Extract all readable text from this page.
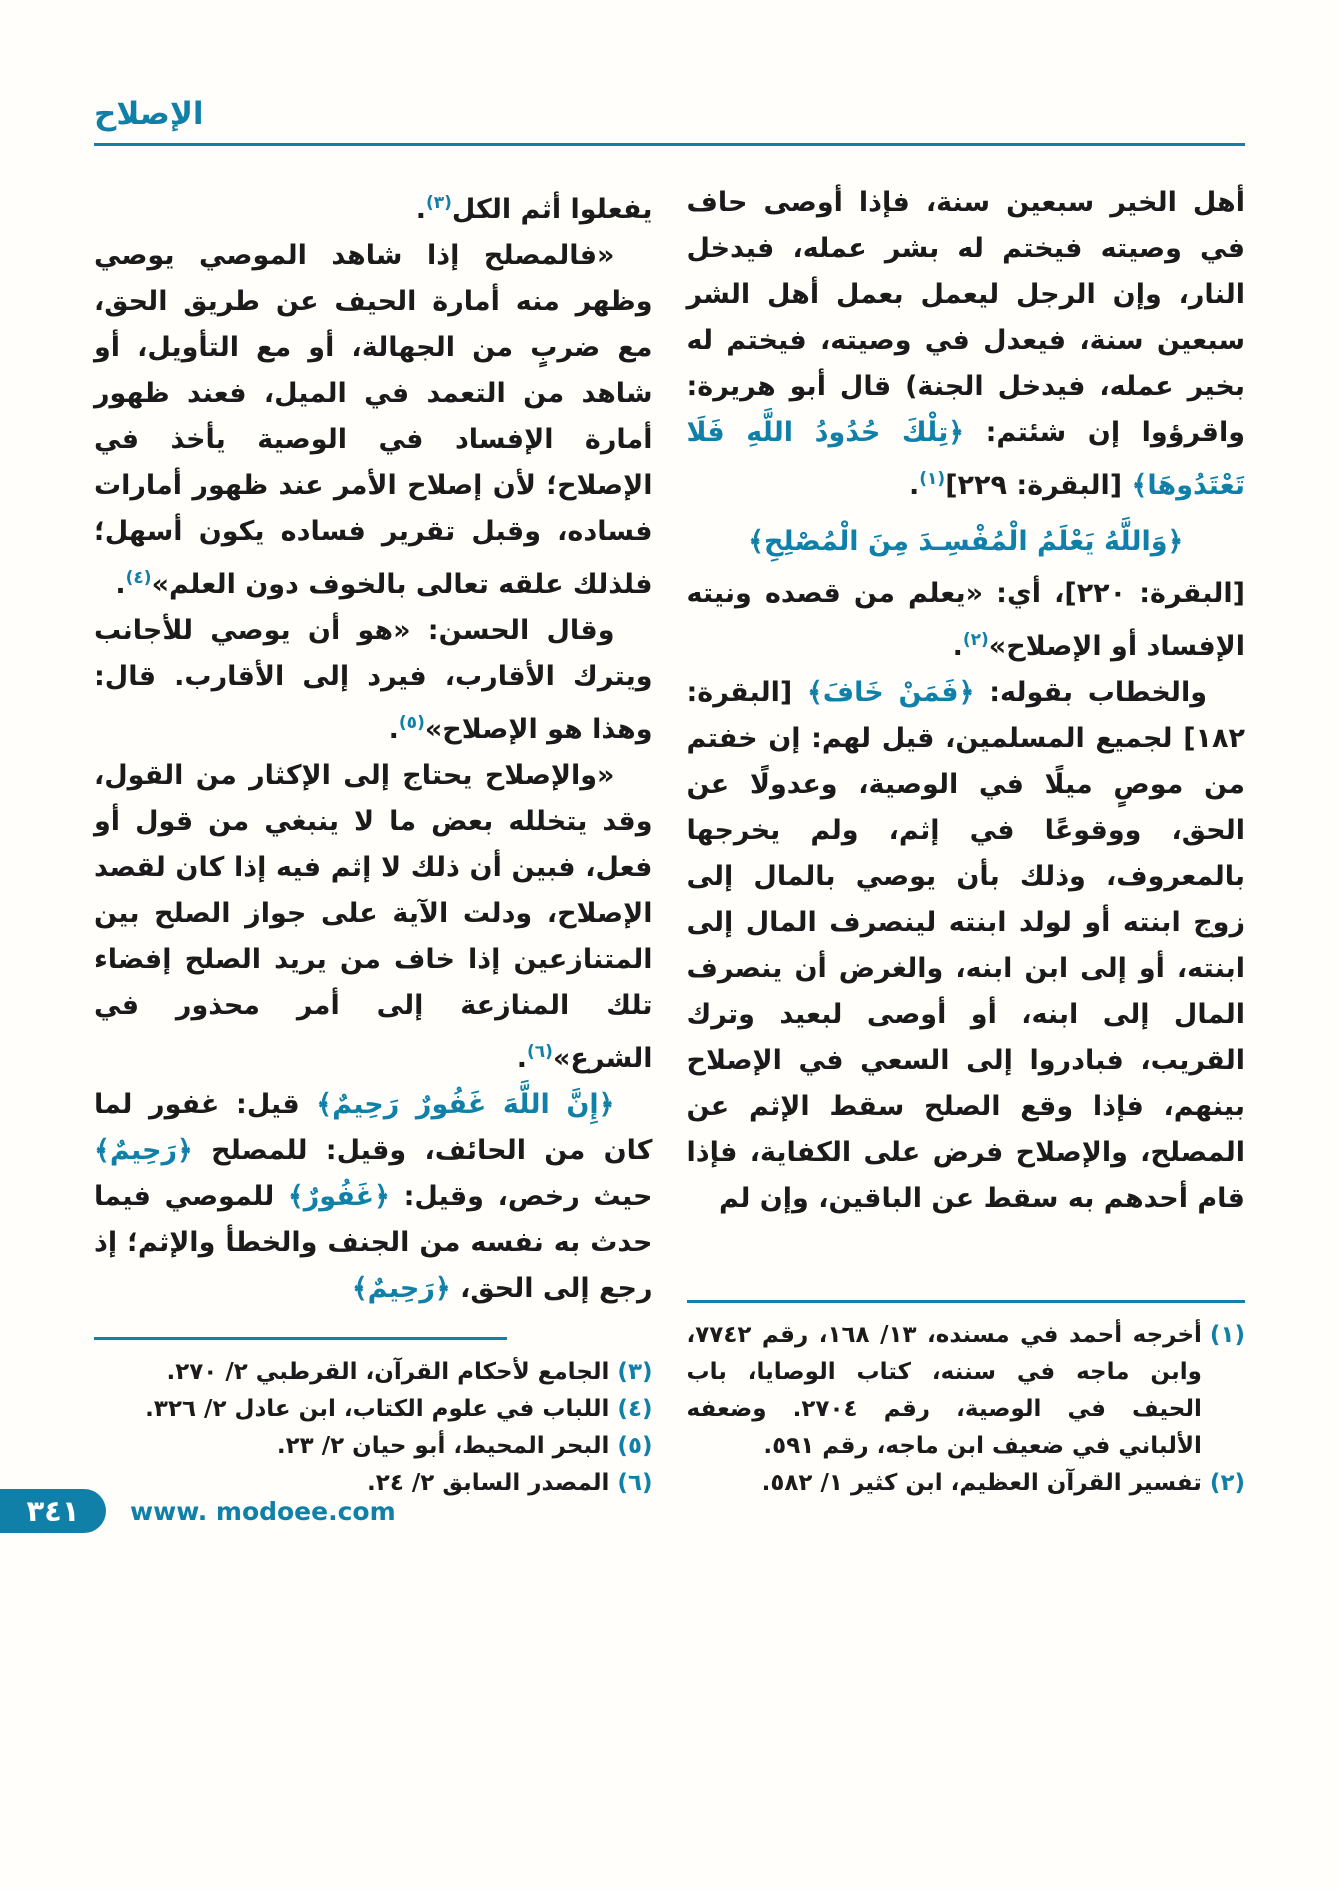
الإصلاح

أهل الخير سبعين سنة، فإذا أوصى حاف في وصيته فيختم له بشر عمله، فيدخل النار، وإن الرجل ليعمل بعمل أهل الشر سبعين سنة، فيعدل في وصيته، فيختم له بخير عمله، فيدخل الجنة) قال أبو هريرة: واقرؤوا إن شئتم: ﴿تِلْكَ حُدُودُ اللَّهِ فَلَا تَعْتَدُوهَا﴾ [البقرة: ٢٢٩]$^{(١)}$.

﴿وَاللَّهُ يَعْلَمُ الْمُفْسِـدَ مِنَ الْمُصْلِحِ﴾

[البقرة: ٢٢٠]، أي: «يعلم من قصده ونيته الإفساد أو الإصلاح»$^{(٢)}$.

والخطاب بقوله: ﴿فَمَنْ خَافَ﴾ [البقرة: ١٨٢] لجميع المسلمين، قيل لهم: إن خفتم من موصٍ ميلًا في الوصية، وعدولًا عن الحق، ووقوعًا في إثم، ولم يخرجها بالمعروف، وذلك بأن يوصي بالمال إلى زوج ابنته أو لولد ابنته لينصرف المال إلى ابنته، أو إلى ابن ابنه، والغرض أن ينصرف المال إلى ابنه، أو أوصى لبعيد وترك القريب، فبادروا إلى السعي في الإصلاح بينهم، فإذا وقع الصلح سقط الإثم عن المصلح، والإصلاح فرض على الكفاية، فإذا قام أحدهم به سقط عن الباقين، وإن لم

(١)
أخرجه أحمد في مسنده، ١٣/ ١٦٨، رقم ٧٧٤٢، وابن ماجه في سننه، كتاب الوصايا، باب الحيف في الوصية، رقم ٢٧٠٤. وضعفه الألباني في ضعيف ابن ماجه، رقم ٥٩١.
(٢)
تفسير القرآن العظيم، ابن كثير ١/ ٥٨٢.

يفعلوا أثم الكل$^{(٣)}$.

«فالمصلح إذا شاهد الموصي يوصي وظهر منه أمارة الحيف عن طريق الحق، مع ضربٍ من الجهالة، أو مع التأويل، أو شاهد من التعمد في الميل، فعند ظهور أمارة الإفساد في الوصية يأخذ في الإصلاح؛ لأن إصلاح الأمر عند ظهور أمارات فساده، وقبل تقرير فساده يكون أسهل؛ فلذلك علقه تعالى بالخوف دون العلم»$^{(٤)}$.

وقال الحسن: «هو أن يوصي للأجانب ويترك الأقارب، فيرد إلى الأقارب. قال: وهذا هو الإصلاح»$^{(٥)}$.

«والإصلاح يحتاج إلى الإكثار من القول، وقد يتخلله بعض ما لا ينبغي من قول أو فعل، فبين أن ذلك لا إثم فيه إذا كان لقصد الإصلاح، ودلت الآية على جواز الصلح بين المتنازعين إذا خاف من يريد الصلح إفضاء تلك المنازعة إلى أمر محذور في الشرع»$^{(٦)}$.

﴿إِنَّ اللَّهَ غَفُورٌ رَحِيمٌ﴾ قيل: غفور لما كان من الحائف، وقيل: للمصلح ﴿رَحِيمٌ﴾ حيث رخص، وقيل: ﴿غَفُورٌ﴾ للموصي فيما حدث به نفسه من الجنف والخطأ والإثم؛ إذ رجع إلى الحق، ﴿رَحِيمٌ﴾

(٣)
الجامع لأحكام القرآن، القرطبي ٢/ ٢٧٠.
(٤)
اللباب في علوم الكتاب، ابن عادل ٢/ ٣٢٦.
(٥)
البحر المحيط، أبو حيان ٢/ ٢٣.
(٦)
المصدر السابق ٢/ ٢٤.
٣٤١ www. modoee.com
